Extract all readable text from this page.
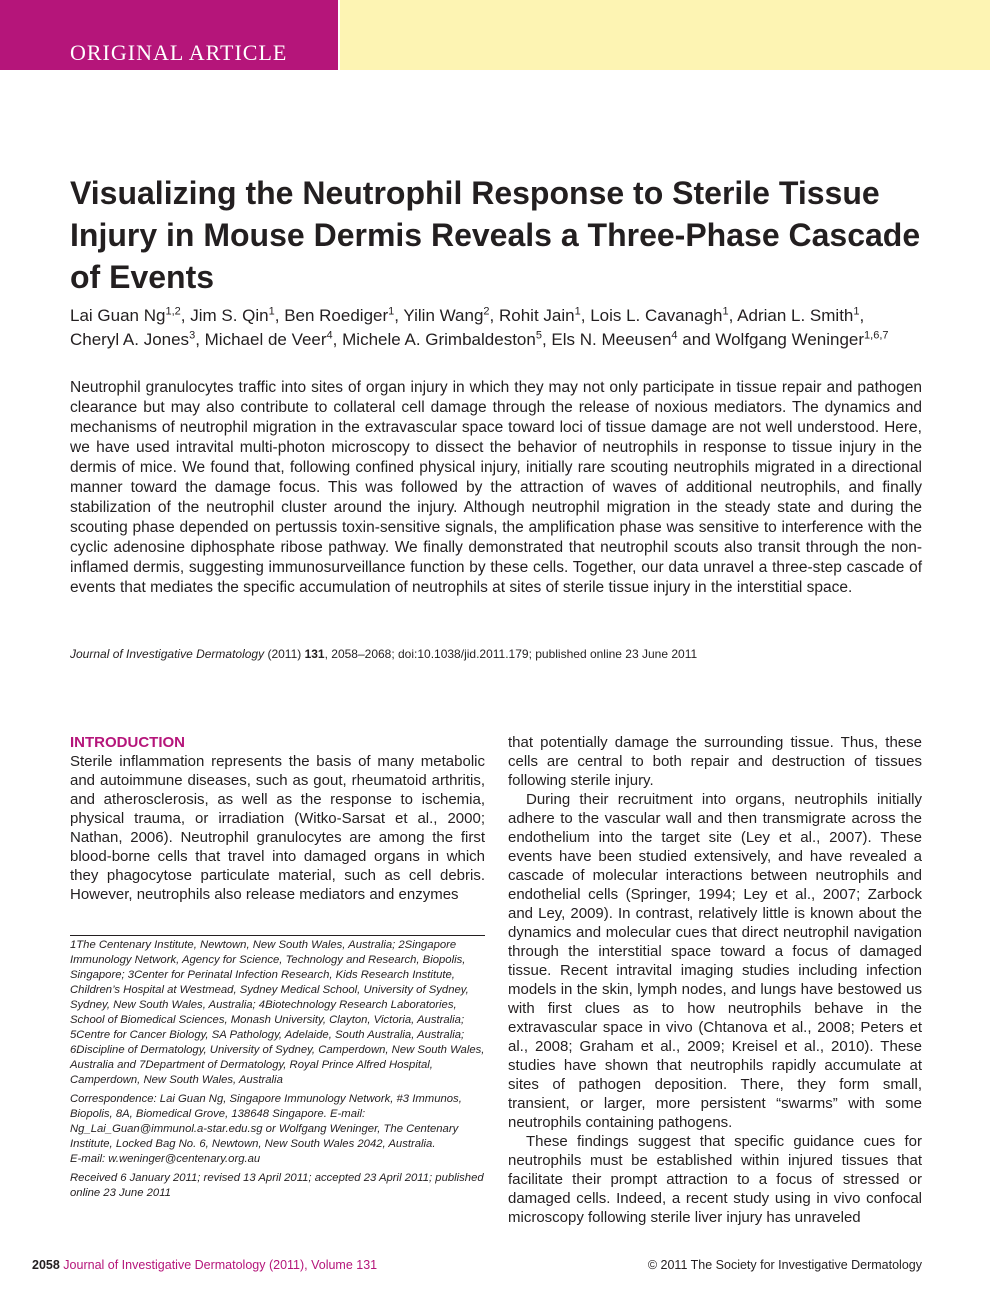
ORIGINAL ARTICLE
Visualizing the Neutrophil Response to Sterile Tissue Injury in Mouse Dermis Reveals a Three-Phase Cascade of Events
Lai Guan Ng$^{1,2}$, Jim S. Qin$^1$, Ben Roediger$^1$, Yilin Wang$^2$, Rohit Jain$^1$, Lois L. Cavanagh$^1$, Adrian L. Smith$^1$,
Cheryl A. Jones$^3$, Michael de Veer$^4$, Michele A. Grimbaldeston$^5$, Els N. Meeusen$^4$ and Wolfgang Weninger$^{1,6,7}$

Neutrophil granulocytes traffic into sites of organ injury in which they may not only participate in tissue repair and pathogen clearance but may also contribute to collateral cell damage through the release of noxious mediators. The dynamics and mechanisms of neutrophil migration in the extravascular space toward loci of tissue damage are not well understood. Here, we have used intravital multi-photon microscopy to dissect the behavior of neutrophils in response to tissue injury in the dermis of mice. We found that, following confined physical injury, initially rare scouting neutrophils migrated in a directional manner toward the damage focus. This was followed by the attraction of waves of additional neutrophils, and finally stabilization of the neutrophil cluster around the injury. Although neutrophil migration in the steady state and during the scouting phase depended on pertussis toxin-sensitive signals, the amplification phase was sensitive to interference with the cyclic adenosine diphosphate ribose pathway. We finally demonstrated that neutrophil scouts also transit through the non-inflamed dermis, suggesting immunosurveillance function by these cells. Together, our data unravel a three-step cascade of events that mediates the specific accumulation of neutrophils at sites of sterile tissue injury in the interstitial space.

Journal of Investigative Dermatology (2011) 131, 2058–2068; doi:10.1038/jid.2011.179; published online 23 June 2011

INTRODUCTION

Sterile inflammation represents the basis of many metabolic and autoimmune diseases, such as gout, rheumatoid arthritis, and atherosclerosis, as well as the response to ischemia, physical trauma, or irradiation (Witko-Sarsat et al., 2000; Nathan, 2006). Neutrophil granulocytes are among the first blood-borne cells that travel into damaged organs in which they phagocytose particulate material, such as cell debris. However, neutrophils also release mediators and enzymes

that potentially damage the surrounding tissue. Thus, these cells are central to both repair and destruction of tissues following sterile injury.

During their recruitment into organs, neutrophils initially adhere to the vascular wall and then transmigrate across the endothelium into the target site (Ley et al., 2007). These events have been studied extensively, and have revealed a cascade of molecular interactions between neutrophils and endothelial cells (Springer, 1994; Ley et al., 2007; Zarbock and Ley, 2009). In contrast, relatively little is known about the dynamics and molecular cues that direct neutrophil navigation through the interstitial space toward a focus of damaged tissue. Recent intravital imaging studies including infection models in the skin, lymph nodes, and lungs have bestowed us with first clues as to how neutrophils behave in the extravascular space in vivo (Chtanova et al., 2008; Peters et al., 2008; Graham et al., 2009; Kreisel et al., 2010). These studies have shown that neutrophils rapidly accumulate at sites of pathogen deposition. There, they form small, transient, or larger, more persistent “swarms” with some neutrophils containing pathogens.

These findings suggest that specific guidance cues for neutrophils must be established within injured tissues that facilitate their prompt attraction to a focus of stressed or damaged cells. Indeed, a recent study using in vivo confocal microscopy following sterile liver injury has unraveled

1The Centenary Institute, Newtown, New South Wales, Australia; 2Singapore Immunology Network, Agency for Science, Technology and Research, Biopolis, Singapore; 3Center for Perinatal Infection Research, Kids Research Institute, Children’s Hospital at Westmead, Sydney Medical School, University of Sydney, Sydney, New South Wales, Australia; 4Biotechnology Research Laboratories, School of Biomedical Sciences, Monash University, Clayton, Victoria, Australia; 5Centre for Cancer Biology, SA Pathology, Adelaide, South Australia, Australia; 6Discipline of Dermatology, University of Sydney, Camperdown, New South Wales, Australia and 7Department of Dermatology, Royal Prince Alfred Hospital, Camperdown, New South Wales, Australia

Correspondence: Lai Guan Ng, Singapore Immunology Network, #3 Immunos, Biopolis, 8A, Biomedical Grove, 138648 Singapore. E-mail: Ng_Lai_Guan@immunol.a-star.edu.sg or Wolfgang Weninger, The Centenary Institute, Locked Bag No. 6, Newtown, New South Wales 2042, Australia.

E-mail: w.weninger@centenary.org.au

Received 6 January 2011; revised 13 April 2011; accepted 23 April 2011; published online 23 June 2011

2058 Journal of Investigative Dermatology (2011), Volume 131	© 2011 The Society for Investigative Dermatology
